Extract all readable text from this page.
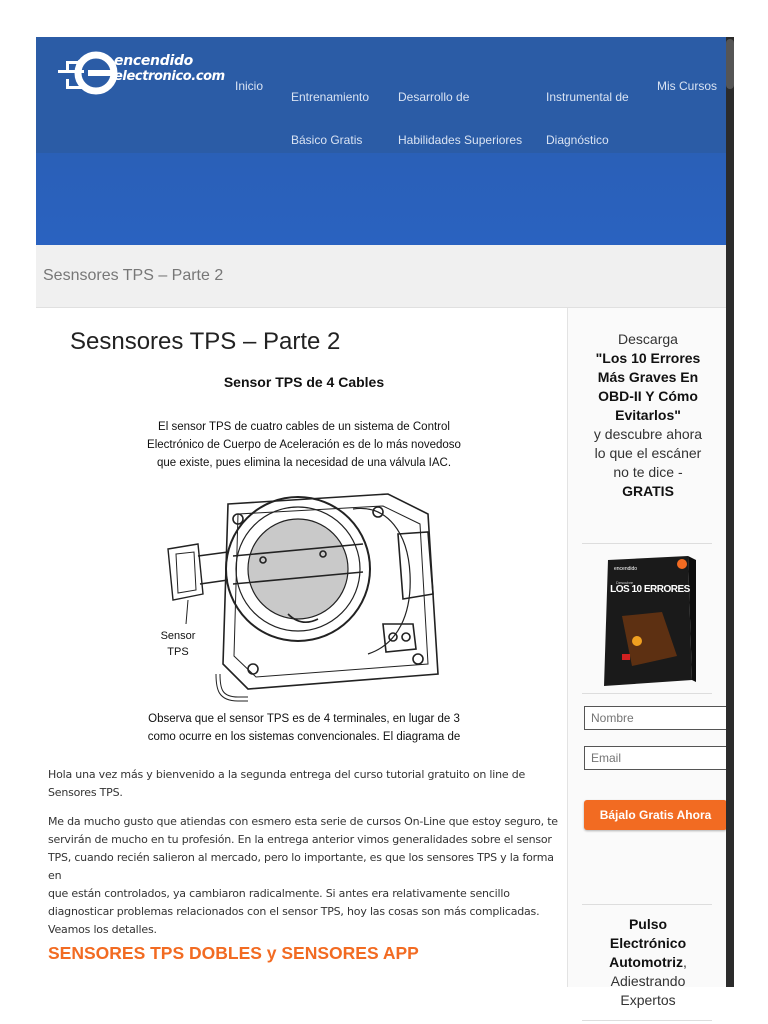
encendido
electronico.com
Inicio
Entrenamiento
Básico Gratis
Desarrollo de
Habilidades Superiores
Instrumental de
Diagnóstico
Mis Cursos
Sesnsores TPS – Parte 2
Sesnsores TPS – Parte 2
Sensor TPS de 4 Cables
El sensor TPS de cuatro cables de un sistema de Control
Electrónico de Cuerpo de Aceleración es de lo más novedoso
que existe, pues elimina la necesidad de una válvula IAC.
Sensor
TPS
Observa que el sensor TPS es de 4 terminales, en lugar de 3
como ocurre en los sistemas convencionales. El diagrama de
Hola una vez más y bienvenido a la segunda entrega del curso tutorial gratuito on line de
Sensores TPS.
Me da mucho gusto que atiendas con esmero esta serie de cursos On-Line que estoy seguro, te
servirán de mucho en tu profesión. En la entrega anterior vimos generalidades sobre el sensor
TPS, cuando recién salieron al mercado, pero lo importante, es que los sensores TPS y la forma en
que están controlados, ya cambiaron radicalmente. Si antes era relativamente sencillo
diagnosticar problemas relacionados con el sensor TPS, hoy las cosas son más complicadas.
Veamos los detalles.
SENSORES TPS DOBLES y SENSORES APP
Descarga
"Los 10 Errores
Más Graves En
OBD-II Y Cómo
Evitarlos"
y descubre ahora
lo que el escáner
no te dice -
GRATIS
encendido
Descubre
LOS 10 ERRORES
Nombre
Email
Bájalo Gratis Ahora
Pulso
Electrónico
Automotriz,
Adiestrando
Expertos
